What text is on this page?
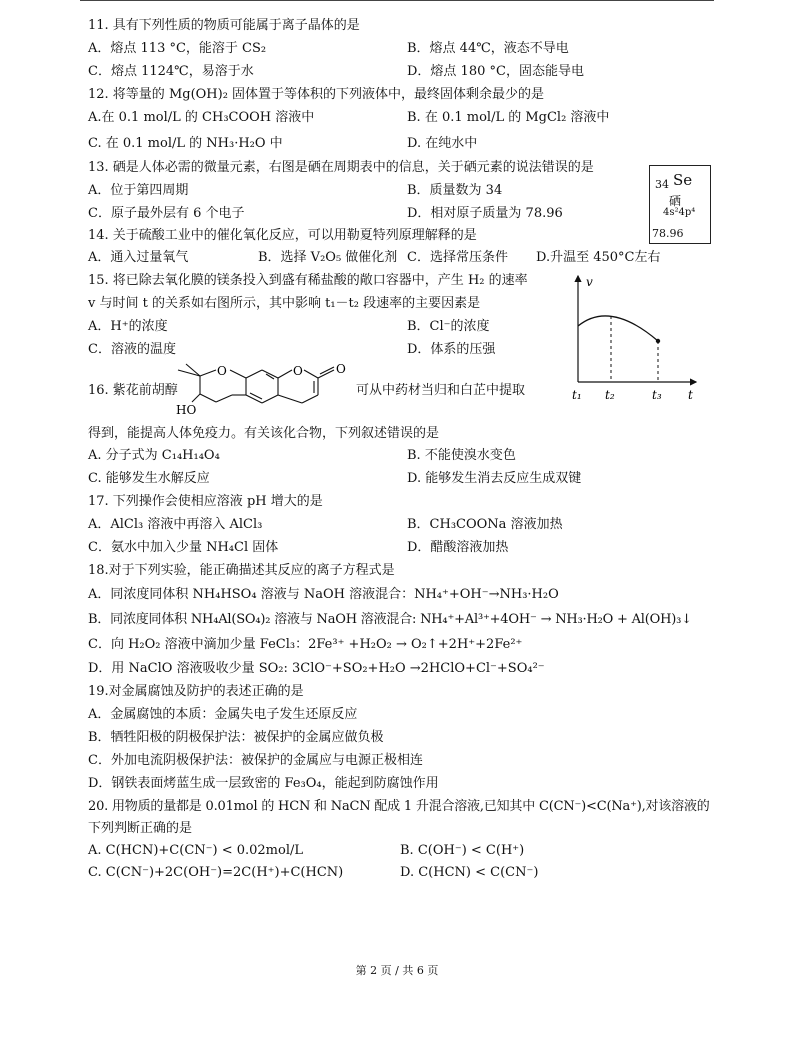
11. 具有下列性质的物质可能属于离子晶体的是
A．熔点 113 °C，能溶于 CS₂	B．熔点 44℃，液态不导电
C．熔点 1124℃，易溶于水	D．熔点 180 °C，固态能导电
12. 将等量的 Mg(OH)₂ 固体置于等体积的下列液体中，最终固体剩余最少的是
A.在 0.1 mol/L 的 CH₃COOH 溶液中	B. 在 0.1 mol/L 的 MgCl₂ 溶液中
C. 在 0.1 mol/L 的 NH₃·H₂O 中	D. 在纯水中
13. 硒是人体必需的微量元素，右图是硒在周期表中的信息，关于硒元素的说法错误的是
A．位于第四周期	B．质量数为 34
C．原子最外层有 6 个电子	D．相对原子质量为 78.96
34 Se
硒
4s²4p⁴
78.96
14. 关于硫酸工业中的催化氧化反应，可以用勒夏特列原理解释的是
A．通入过量氧气	B．选择 V₂O₅ 做催化剂 C．选择常压条件 D.升温至 450°C左右
15. 将已除去氧化膜的镁条投入到盛有稀盐酸的敞口容器中，产生 H₂ 的速率
v 与时间 t 的关系如右图所示，其中影响 t₁－t₂ 段速率的主要因素是
A．H⁺的浓度	B．Cl⁻的浓度
C．溶液的温度	D．体系的压强
v
t
t₁ t₂	t₃
16. 紫花前胡醇
O	O	O
HO
可从中药材当归和白芷中提取
得到，能提高人体免疫力。有关该化合物，下列叙述错误的是
A. 分子式为 C₁₄H₁₄O₄	B. 不能使溴水变色
C. 能够发生水解反应	D. 能够发生消去反应生成双键
17. 下列操作会使相应溶液 pH 增大的是
A．AlCl₃ 溶液中再溶入 AlCl₃	B．CH₃COONa 溶液加热
C．氨水中加入少量 NH₄Cl 固体	D．醋酸溶液加热
18.对于下列实验，能正确描述其反应的离子方程式是
A．同浓度同体积 NH₄HSO₄ 溶液与 NaOH 溶液混合：NH₄⁺+OH⁻→NH₃·H₂O
B．同浓度同体积 NH₄Al(SO₄)₂ 溶液与 NaOH 溶液混合: NH₄⁺+Al³⁺+4OH⁻ → NH₃·H₂O + Al(OH)₃↓
C．向 H₂O₂ 溶液中滴加少量 FeCl₃：2Fe³⁺ +H₂O₂ → O₂↑+2H⁺+2Fe²⁺
D．用 NaClO 溶液吸收少量 SO₂: 3ClO⁻+SO₂+H₂O →2HClO+Cl⁻+SO₄²⁻
19.对金属腐蚀及防护的表述正确的是
A．金属腐蚀的本质：金属失电子发生还原反应
B．牺牲阳极的阴极保护法：被保护的金属应做负极
C．外加电流阴极保护法：被保护的金属应与电源正极相连
D．钢铁表面烤蓝生成一层致密的 Fe₃O₄，能起到防腐蚀作用
20. 用物质的量都是 0.01mol 的 HCN 和 NaCN 配成 1 升混合溶液,已知其中 C(CN⁻)<C(Na⁺),对该溶液的
下列判断正确的是
A. C(HCN)+C(CN⁻) < 0.02mol/L	B. C(OH⁻) < C(H⁺)
C. C(CN⁻)+2C(OH⁻)=2C(H⁺)+C(HCN)	D. C(HCN) < C(CN⁻)
第 2 页 / 共 6 页
